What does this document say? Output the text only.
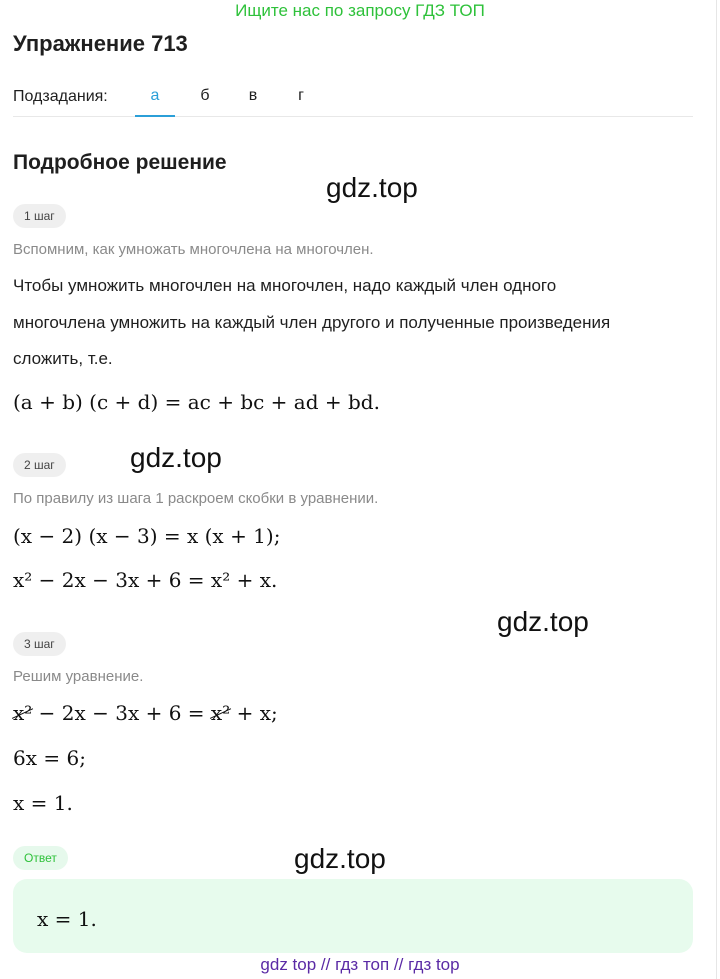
Ищите нас по запросу ГДЗ ТОП
Упражнение 713
Подзадания:	а	б	в	г
Подробное решение
gdz.top
gdz.top
gdz.top
gdz.top
1 шаг
Вспомним, как умножать многочлена на многочлен.
Чтобы умножить многочлен на многочлен, надо каждый член одного
многочлена умножить на каждый член другого и полученные произведения
сложить, т.е.
(a + b) (c + d) = ac + bc + ad + bd.
2 шаг
По правилу из шага 1 раскроем скобки в уравнении.
(x − 2) (x − 3) = x (x + 1);
x² − 2x − 3x + 6 = x² + x.
3 шаг
Решим уравнение.
x² − 2x − 3x + 6 = x² + x;
6x = 6;
x = 1.
Ответ
x = 1.
gdz top // гдз топ // гдз top
